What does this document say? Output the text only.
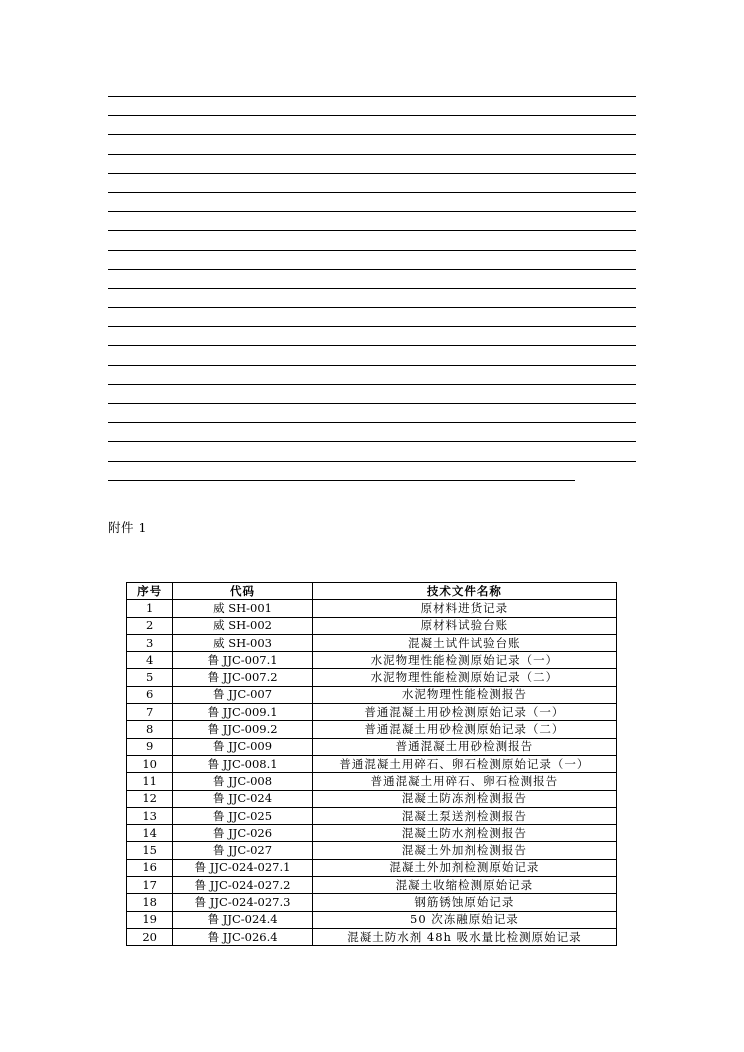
附件 1
序号	代码	技术文件名称
1	威 SH-001	原材料进货记录
2	威 SH-002	原材料试验台账
3	威 SH-003	混凝土试件试验台账
4	鲁 JJC-007.1	水泥物理性能检测原始记录（一）
5	鲁 JJC-007.2	水泥物理性能检测原始记录（二）
6	鲁 JJC-007	水泥物理性能检测报告
7	鲁 JJC-009.1	普通混凝土用砂检测原始记录（一）
8	鲁 JJC-009.2	普通混凝土用砂检测原始记录（二）
9	鲁 JJC-009	普通混凝土用砂检测报告
10	鲁 JJC-008.1	普通混凝土用碎石、卵石检测原始记录（一）
11	鲁 JJC-008	普通混凝土用碎石、卵石检测报告
12	鲁 JJC-024	混凝土防冻剂检测报告
13	鲁 JJC-025	混凝土泵送剂检测报告
14	鲁 JJC-026	混凝土防水剂检测报告
15	鲁 JJC-027	混凝土外加剂检测报告
16	鲁 JJC-024-027.1	混凝土外加剂检测原始记录
17	鲁 JJC-024-027.2	混凝土收缩检测原始记录
18	鲁 JJC-024-027.3	钢筋锈蚀原始记录
19	鲁 JJC-024.4	50 次冻融原始记录
20	鲁 JJC-026.4	混凝土防水剂 48h 吸水量比检测原始记录
